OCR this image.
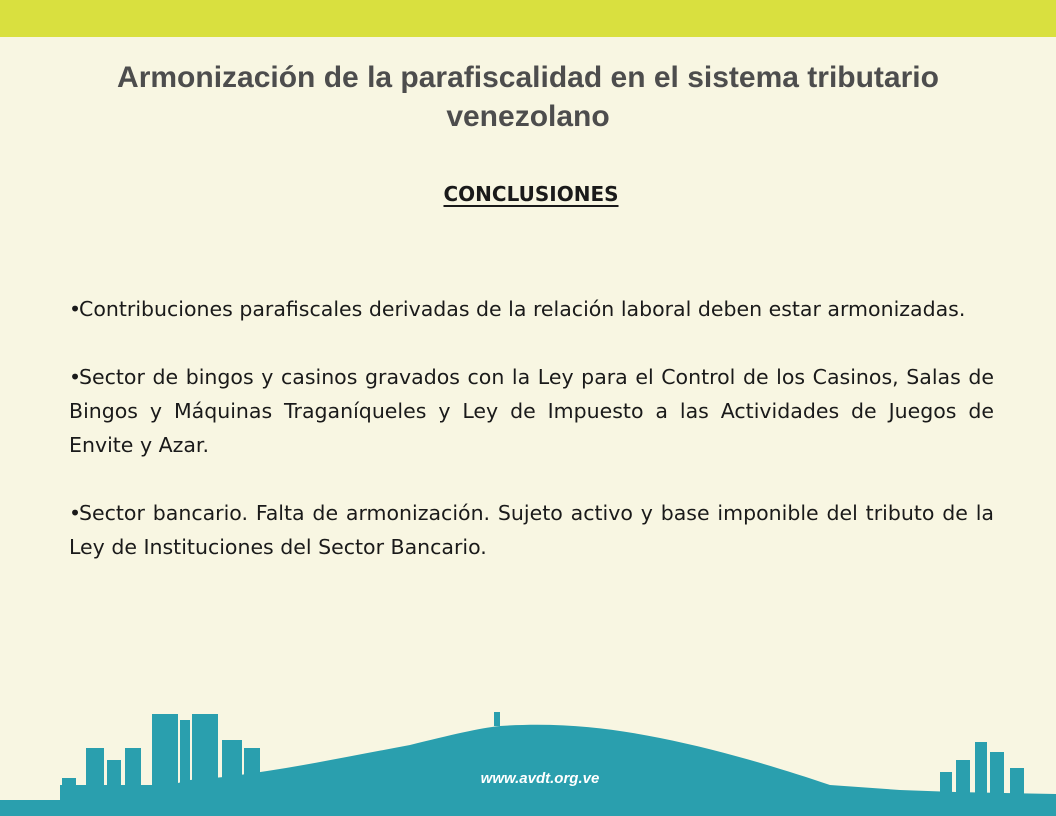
Armonización de la parafiscalidad en el sistema tributario venezolano
CONCLUSIONES
•Contribuciones parafiscales derivadas de la relación laboral deben estar armonizadas.
•Sector de bingos y casinos gravados con la Ley para el Control de los Casinos, Salas de Bingos y Máquinas Traganíqueles y Ley de Impuesto a las Actividades de Juegos de Envite y Azar.
•Sector bancario. Falta de armonización. Sujeto activo y base imponible del tributo de la Ley de Instituciones del Sector Bancario.
www.avdt.org.ve
